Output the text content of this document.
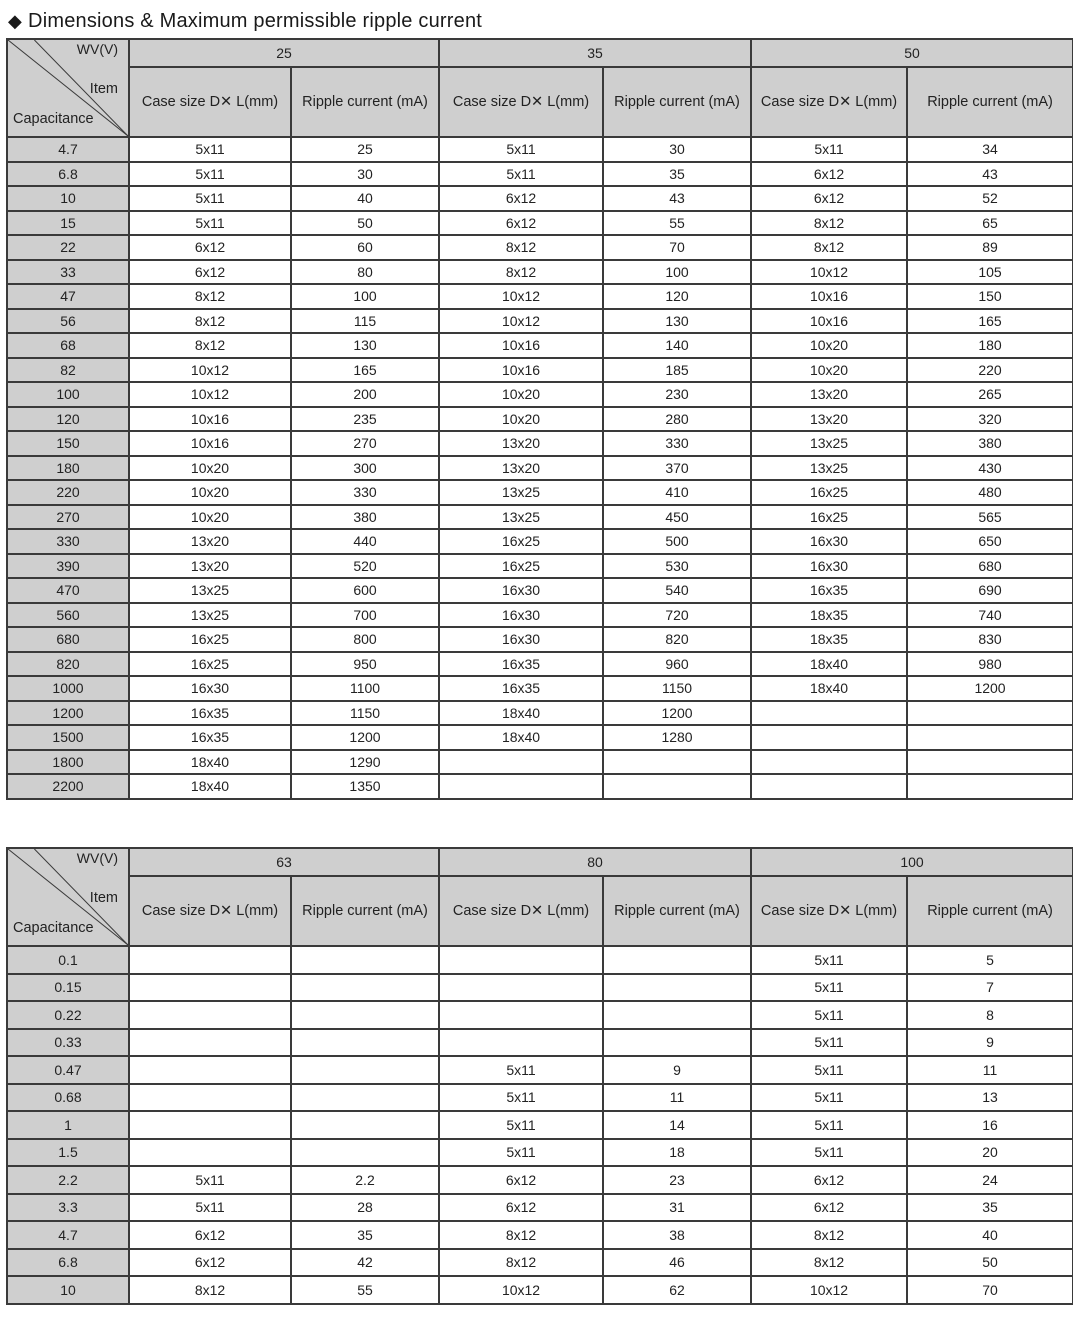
◆ Dimensions & Maximum permissible ripple current
WV(V)
Item
Capacitance	25		35		50	
	Case size D✕ L(mm)	Ripple current (mA)	Case size D✕ L(mm)	Ripple current (mA)	Case size D✕ L(mm)	Ripple current (mA)
4.7	5x11	25	5x11	30	5x11	34
6.8	5x11	30	5x11	35	6x12	43
10	5x11	40	6x12	43	6x12	52
15	5x11	50	6x12	55	8x12	65
22	6x12	60	8x12	70	8x12	89
33	6x12	80	8x12	100	10x12	105
47	8x12	100	10x12	120	10x16	150
56	8x12	115	10x12	130	10x16	165
68	8x12	130	10x16	140	10x20	180
82	10x12	165	10x16	185	10x20	220
100	10x12	200	10x20	230	13x20	265
120	10x16	235	10x20	280	13x20	320
150	10x16	270	13x20	330	13x25	380
180	10x20	300	13x20	370	13x25	430
220	10x20	330	13x25	410	16x25	480
270	10x20	380	13x25	450	16x25	565
330	13x20	440	16x25	500	16x30	650
390	13x20	520	16x25	530	16x30	680
470	13x25	600	16x30	540	16x35	690
560	13x25	700	16x30	720	18x35	740
680	16x25	800	16x30	820	18x35	830
820	16x25	950	16x35	960	18x40	980
1000	16x30	1100	16x35	1150	18x40	1200
1200	16x35	1150	18x40	1200		
1500	16x35	1200	18x40	1280		
1800	18x40	1290				
2200	18x40	1350				
WV(V)
Item
Capacitance	63		80		100	
	Case size D✕ L(mm)	Ripple current (mA)	Case size D✕ L(mm)	Ripple current (mA)	Case size D✕ L(mm)	Ripple current (mA)
0.1					5x11	5
0.15					5x11	7
0.22					5x11	8
0.33					5x11	9
0.47			5x11	9	5x11	11
0.68			5x11	11	5x11	13
1			5x11	14	5x11	16
1.5			5x11	18	5x11	20
2.2	5x11	2.2	6x12	23	6x12	24
3.3	5x11	28	6x12	31	6x12	35
4.7	6x12	35	8x12	38	8x12	40
6.8	6x12	42	8x12	46	8x12	50
10	8x12	55	10x12	62	10x12	70
